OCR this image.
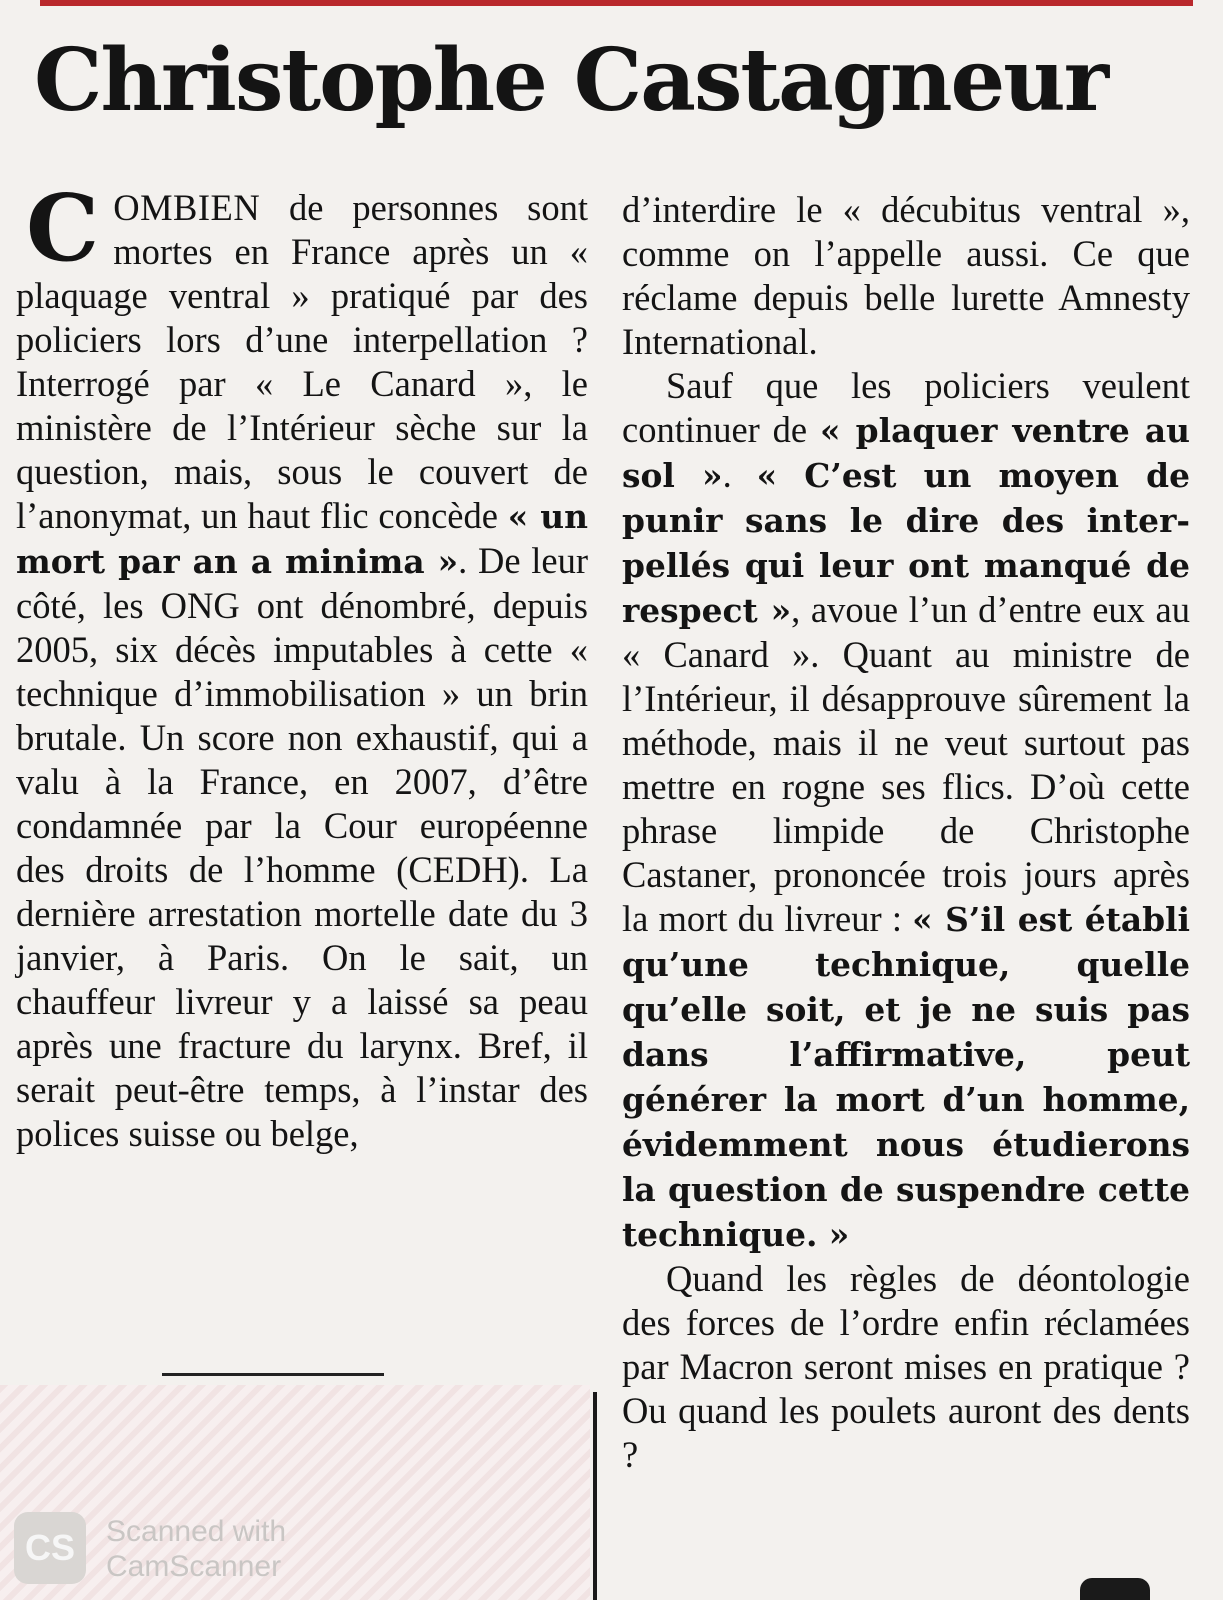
Christophe Castagneur

COMBIEN de personnes sont mortes en France après un « plaquage ventral » pratiqué par des policiers lors d’une interpellation ? Interrogé par « Le Canard », le ministère de l’Intérieur sèche sur la question, mais, sous le couvert de l’anonymat, un haut flic concède « un mort par an a minima ». De leur côté, les ONG ont dénombré, depuis 2005, six décès imputables à cette « technique d’immobilisation » un brin brutale. Un score non exhaustif, qui a valu à la France, en 2007, d’être condamnée par la Cour européenne des droits de l’homme (CEDH). La dernière arrestation mortelle date du 3 janvier, à Paris. On le sait, un chauffeur livreur y a laissé sa peau après une fracture du larynx. Bref, il serait peut-être temps, à l’instar des polices suisse ou belge,

d’interdire le « décubitus ventral », comme on l’appelle aussi. Ce que réclame depuis belle lurette Amnesty International.

Sauf que les policiers veulent continuer de « plaquer ventre au sol ». « C’est un moyen de punir sans le dire des interpellés qui leur ont manqué de respect », avoue l’un d’entre eux au « Canard ». Quant au ministre de l’Intérieur, il désapprouve sûrement la méthode, mais il ne veut surtout pas mettre en rogne ses flics. D’où cette phrase limpide de Christophe Castaner, prononcée trois jours après la mort du livreur : « S’il est établi qu’une technique, quelle qu’elle soit, et je ne suis pas dans l’affirmative, peut générer la mort d’un homme, évidemment nous étudierons la question de suspendre cette technique. »

Quand les règles de déontologie des forces de l’ordre enfin réclamées par Macron seront mises en pratique ? Ou quand les poulets auront des dents ?

CS	Scanned with
CamScanner
